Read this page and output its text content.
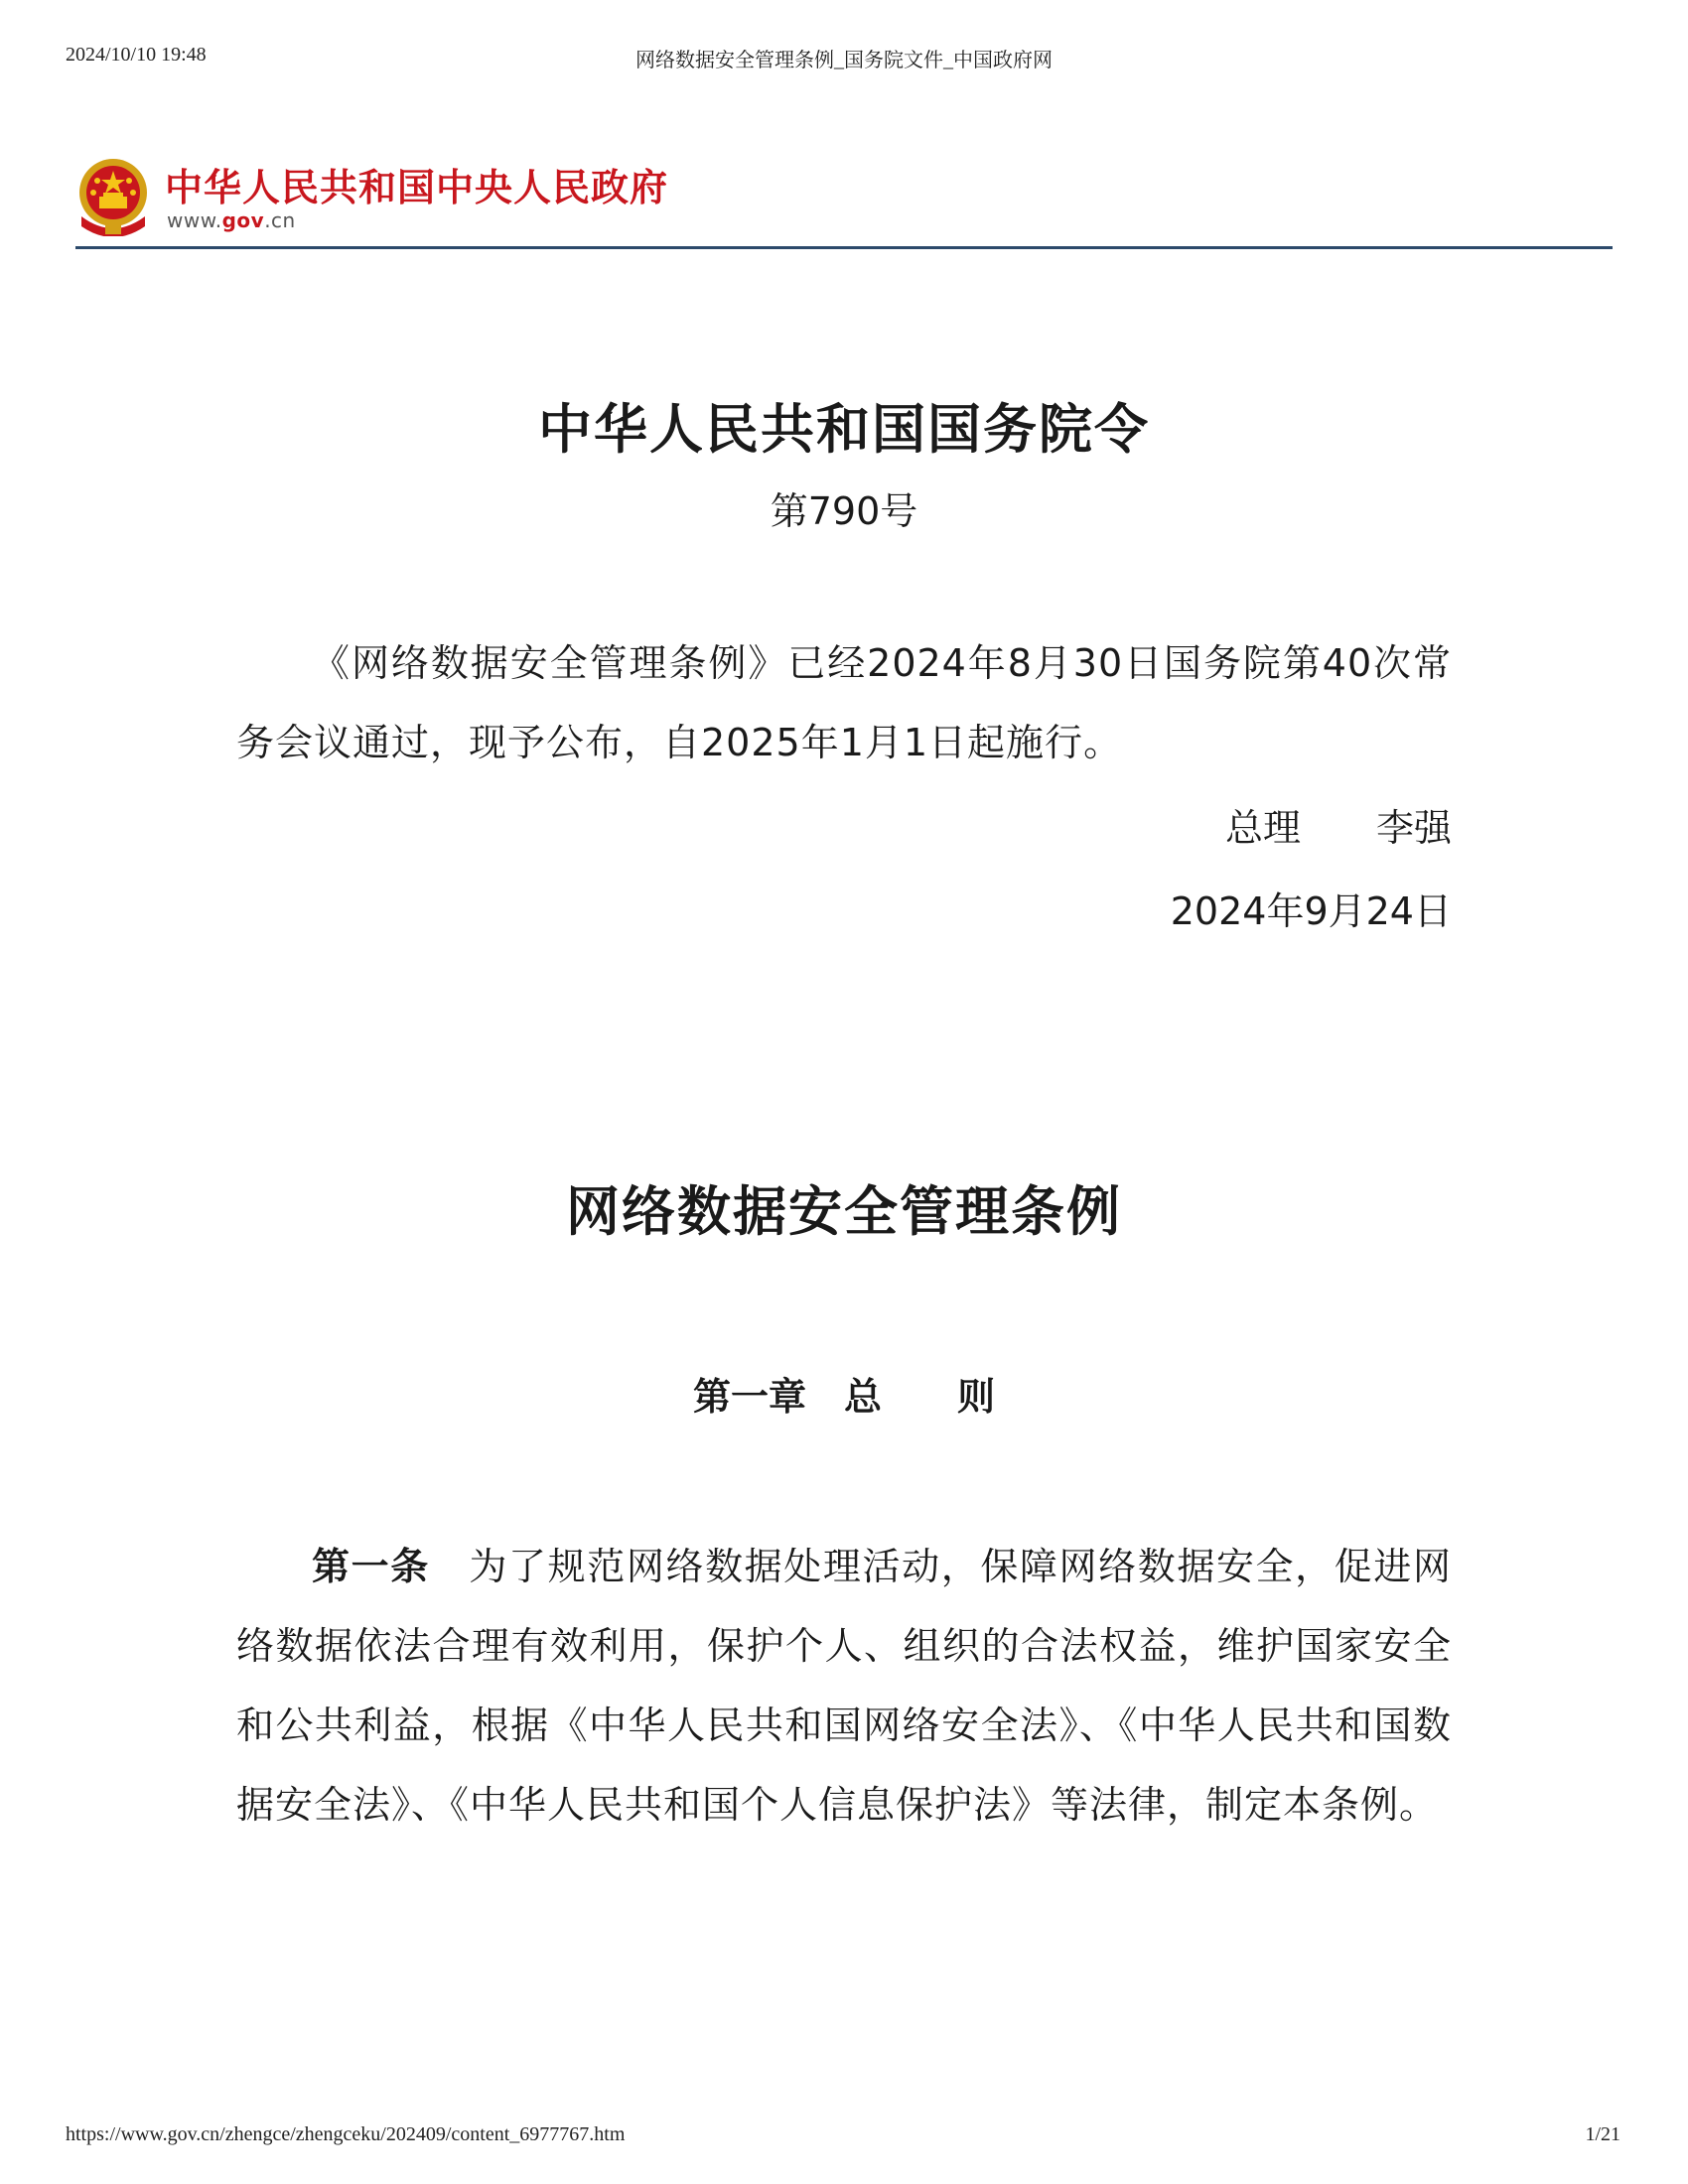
2024/10/10 19:48	网络数据安全管理条例_国务院文件_中国政府网
中华人民共和国中央人民政府
www.gov.cn
中华人民共和国国务院令
第790号
《网络数据安全管理条例》已经2024年8月30日国务院第40次常务会议通过，现予公布，自2025年1月1日起施行。
总理　　李强
2024年9月24日
网络数据安全管理条例
第一章　总　　则
第一条　为了规范网络数据处理活动，保障网络数据安全，促进网络数据依法合理有效利用，保护个人、组织的合法权益，维护国家安全和公共利益，根据《中华人民共和国网络安全法》、《中华人民共和国数据安全法》、《中华人民共和国个人信息保护法》等法律，制定本条例。
https://www.gov.cn/zhengce/zhengceku/202409/content_6977767.htm	1/21
